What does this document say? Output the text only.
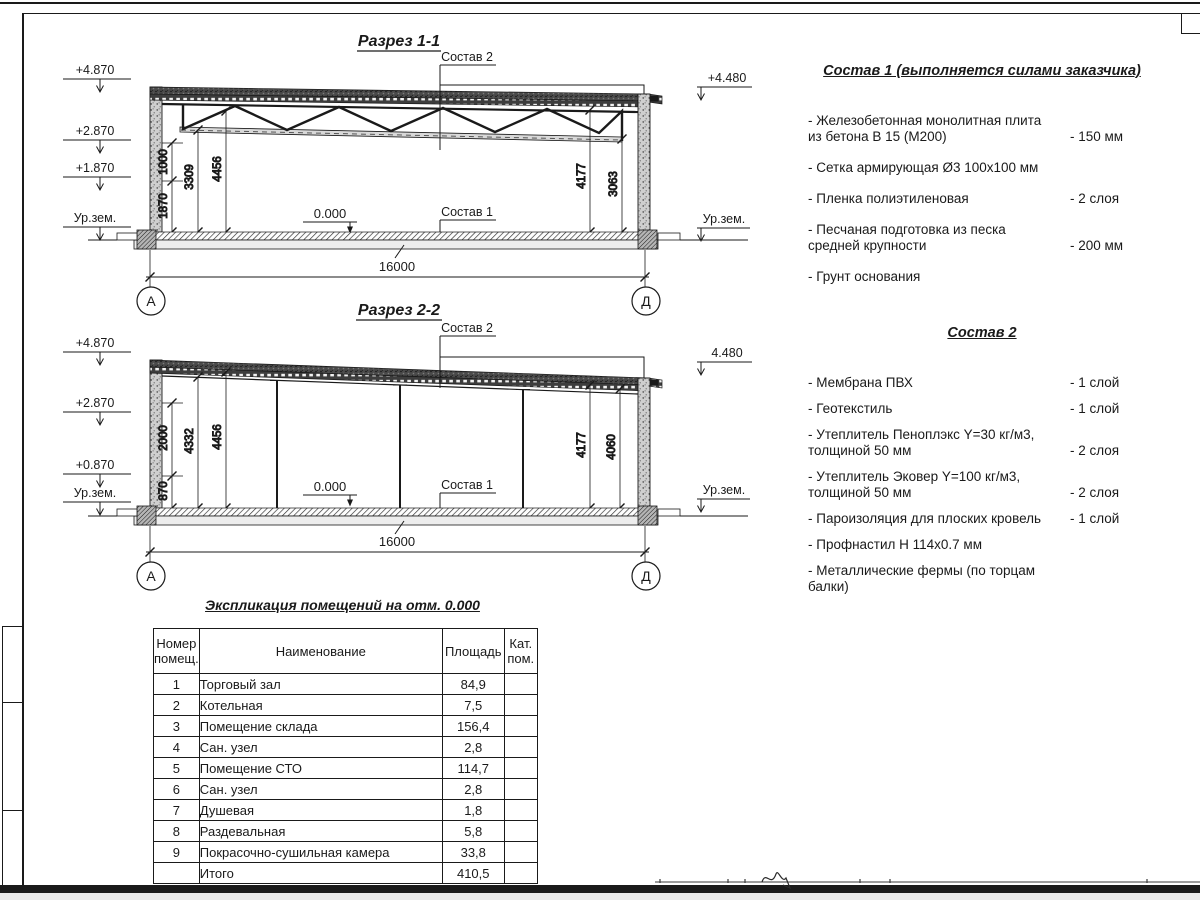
Разрез 1-1
+4.870
+2.870
+1.870
Ур.зем.
+4.480
Ур.зем.
1000
1870
3309 4456	4177 3063
0.000
Состав 2
Состав 1
16000
А	Д
Разрез 2-2
+4.870
+2.870
+0.870
Ур.зем.
4.480
Ур.зем.
2000
870
4332 4456	4177 4060
0.000
Состав 2
Состав 1
16000
А	Д
Состав 1 (выполняется силами заказчика)
- Железобетонная монолитная плита
из бетона В 15 (М200)	- 150 мм
- Сетка армирующая Ø3 100х100 мм
- Пленка полиэтиленовая	- 2 слоя
- Песчаная подготовка из песка
средней крупности	- 200 мм
- Грунт основания
Состав 2
- Мембрана ПВХ	- 1 слой
- Геотекстиль	- 1 слой
- Утеплитель Пеноплэкс Y=30 кг/м3,
толщиной 50 мм	- 2 слоя
- Утеплитель Эковер Y=100 кг/м3,
толщиной 50 мм	- 2 слоя
- Пароизоляция для плоских кровель - 1 слой
- Профнастил Н 114х0.7 мм
- Металлические фермы (по торцам балки)
Экспликация помещений на отм. 0.000
Номер
помещ.	Наименование	Площадь	Кат.
пом.
1	Торговый зал	84,9	
2	Котельная	7,5	
3	Помещение склада	156,4	
4	Сан. узел	2,8	
5	Помещение СТО	114,7	
6	Сан. узел	2,8	
7	Душевая	1,8	
8	Раздевальная	5,8	
9	Покрасочно-сушильная камера	33,8	
	Итого	410,5	
